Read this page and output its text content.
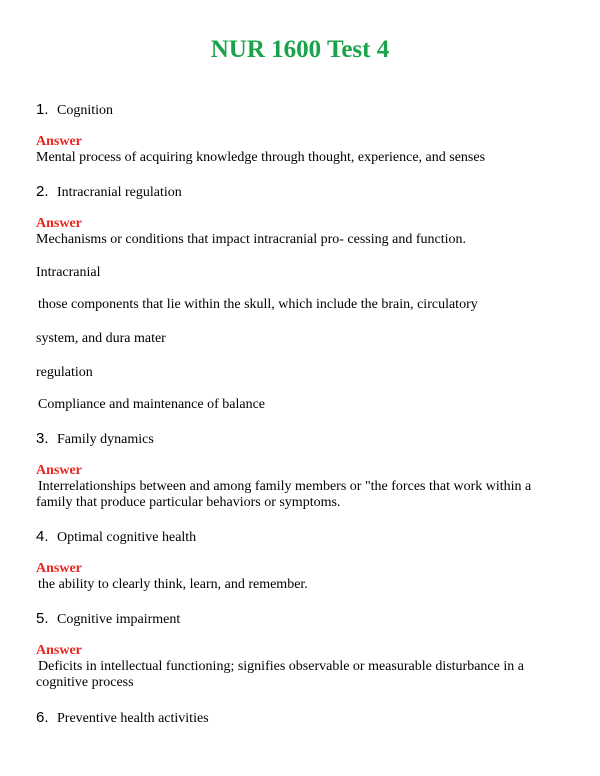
NUR 1600 Test 4
1. Cognition
Answer
Mental process of acquiring knowledge through thought, experience, and senses
2. Intracranial regulation
Answer
Mechanisms or conditions that impact intracranial pro- cessing and function.
Intracranial
those components that lie within the skull, which include the brain, circulatory
system, and dura mater
regulation
Compliance and maintenance of balance
3. Family dynamics
Answer
Interrelationships between and among family members or "the forces that work within a family that produce particular behaviors or symptoms.
4. Optimal cognitive health
Answer
the ability to clearly think, learn, and remember.
5. Cognitive impairment
Answer
Deficits in intellectual functioning; signifies observable or measurable disturbance in a cognitive process
6. Preventive health activities
